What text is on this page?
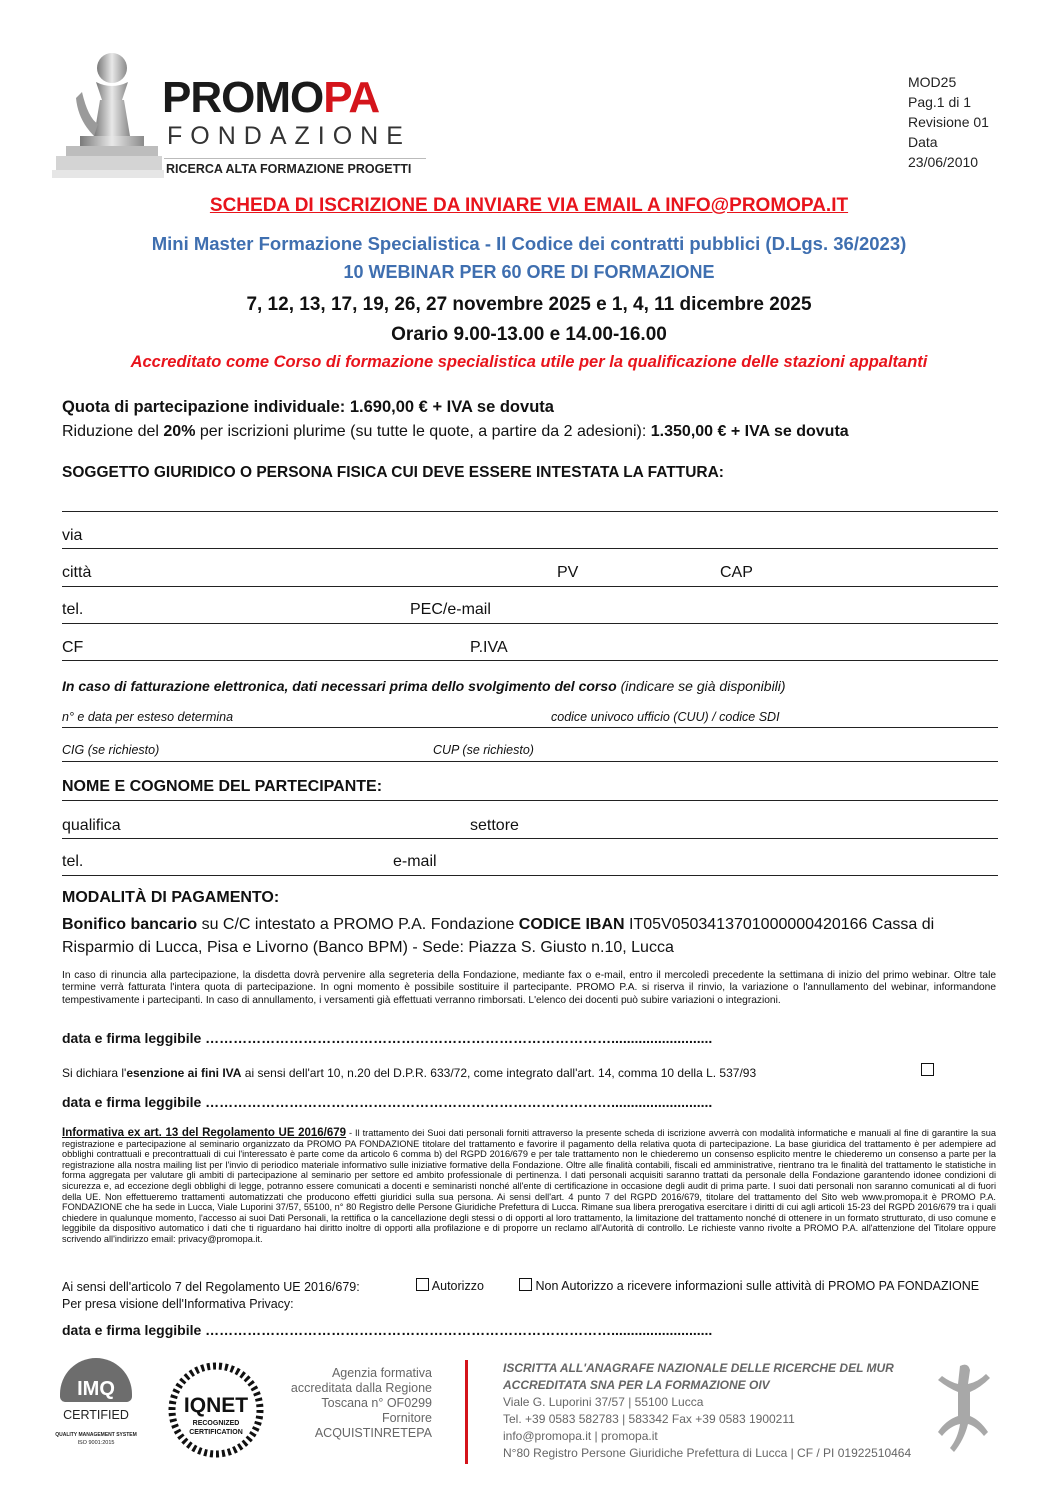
PROMOPA
FONDAZIONE
RICERCA ALTA FORMAZIONE PROGETTI
MOD25
Pag.1 di 1
Revisione 01
Data
23/06/2010
SCHEDA DI ISCRIZIONE DA INVIARE VIA EMAIL A INFO@PROMOPA.IT
Mini Master Formazione Specialistica - Il Codice dei contratti pubblici (D.Lgs. 36/2023)
10 WEBINAR PER 60 ORE DI FORMAZIONE
7, 12, 13, 17, 19, 26, 27 novembre 2025 e 1, 4, 11 dicembre 2025
Orario 9.00-13.00 e 14.00-16.00
Accreditato come Corso di formazione specialistica utile per la qualificazione delle stazioni appaltanti
Quota di partecipazione individuale: 1.690,00 € + IVA se dovuta
Riduzione del 20% per iscrizioni plurime (su tutte le quote, a partire da 2 adesioni): 1.350,00 € + IVA se dovuta
SOGGETTO GIURIDICO O PERSONA FISICA CUI DEVE ESSERE INTESTATA LA FATTURA:
via
città	PV	CAP
tel.	PEC/e-mail
CF	P.IVA
In caso di fatturazione elettronica, dati necessari prima dello svolgimento del corso (indicare se già disponibili)
n° e data per esteso determina	codice univoco ufficio (CUU) / codice SDI
CIG (se richiesto)	CUP (se richiesto)
NOME E COGNOME DEL PARTECIPANTE:
qualifica	settore
tel.	e-mail
MODALITÀ DI PAGAMENTO:
Bonifico bancario su C/C intestato a PROMO P.A. Fondazione CODICE IBAN IT05V0503413701000000420166 Cassa di Risparmio di Lucca, Pisa e Livorno (Banco BPM) - Sede: Piazza S. Giusto n.10, Lucca
In caso di rinuncia alla partecipazione, la disdetta dovrà pervenire alla segreteria della Fondazione, mediante fax o e-mail, entro il mercoledì precedente la settimana di inizio del primo webinar. Oltre tale termine verrà fatturata l'intera quota di partecipazione. In ogni momento è possibile sostituire il partecipante. PROMO P.A. si riserva il rinvio, la variazione o l'annullamento del webinar, informandone tempestivamente i partecipanti. In caso di annullamento, i versamenti già effettuati verranno rimborsati. L'elenco dei docenti può subire variazioni o integrazioni.
data e firma leggibile ……………………………………………………………………………..........................
Si dichiara l'esenzione ai fini IVA ai sensi dell'art 10, n.20 del D.P.R. 633/72, come integrato dall'art. 14, comma 10 della L. 537/93
data e firma leggibile ……………………………………………………………………………..........................
Informativa ex art. 13 del Regolamento UE 2016/679 - Il trattamento dei Suoi dati personali forniti attraverso la presente scheda di iscrizione avverrà con modalità informatiche e manuali al fine di garantire la sua registrazione e partecipazione al seminario organizzato da PROMO PA FONDAZIONE titolare del trattamento e favorire il pagamento della relativa quota di partecipazione. La base giuridica del trattamento è per adempiere ad obblighi contrattuali e precontrattuali di cui l'interessato è parte come da articolo 6 comma b) del RGPD 2016/679 e per tale trattamento non le chiederemo un consenso esplicito mentre le chiederemo un consenso a parte per la registrazione alla nostra mailing list per l'invio di periodico materiale informativo sulle iniziative formative della Fondazione. Oltre alle finalità contabili, fiscali ed amministrative, rientrano tra le finalità del trattamento le statistiche in forma aggregata per valutare gli ambiti di partecipazione al seminario per settore ed ambito professionale di pertinenza. I dati personali acquisiti saranno trattati da personale della Fondazione garantendo idonee condizioni di sicurezza e, ad eccezione degli obblighi di legge, potranno essere comunicati a docenti e seminaristi nonché all'ente di certificazione in occasione degli audit di prima parte. I suoi dati personali non saranno comunicati al di fuori della UE. Non effettueremo trattamenti automatizzati che producono effetti giuridici sulla sua persona. Ai sensi dell'art. 4 punto 7 del RGPD 2016/679, titolare del trattamento del Sito web www.promopa.it è PROMO P.A. FONDAZIONE che ha sede in Lucca, Viale Luporini 37/57, 55100, n° 80 Registro delle Persone Giuridiche Prefettura di Lucca. Rimane sua libera prerogativa esercitare i diritti di cui agli articoli 15-23 del RGPD 2016/679 tra i quali chiedere in qualunque momento, l'accesso ai suoi Dati Personali, la rettifica o la cancellazione degli stessi o di opporti al loro trattamento, la limitazione del trattamento nonché di ottenere in un formato strutturato, di uso comune e leggibile da dispositivo automatico i dati che ti riguardano hai diritto inoltre di opporti alla profilazione e di proporre un reclamo all'Autorità di controllo. Le richieste vanno rivolte a PROMO P.A. all'attenzione del Titolare oppure scrivendo all'indirizzo email: privacy@promopa.it.
Ai sensi dell'articolo 7 del Regolamento UE 2016/679:	Autorizzo	Non Autorizzo a ricevere informazioni sulle attività di PROMO PA FONDAZIONE
Per presa visione dell'Informativa Privacy:
data e firma leggibile ……………………………………………………………………………..........................
IMQ
CERTIFIED
QUALITY MANAGEMENT SYSTEM
ISO 9001:2015
IQNET
RECOGNIZED
CERTIFICATION
Agenzia formativa
accreditata dalla Regione
Toscana n° OF0299
Fornitore
ACQUISTINRETEPA
ISCRITTA ALL'ANAGRAFE NAZIONALE DELLE RICERCHE DEL MUR
ACCREDITATA SNA PER LA FORMAZIONE OIV
Viale G. Luporini 37/57 | 55100 Lucca
Tel. +39 0583 582783 | 583342 Fax +39 0583 1900211
info@promopa.it | promopa.it
N°80 Registro Persone Giuridiche Prefettura di Lucca | CF / PI 01922510464
